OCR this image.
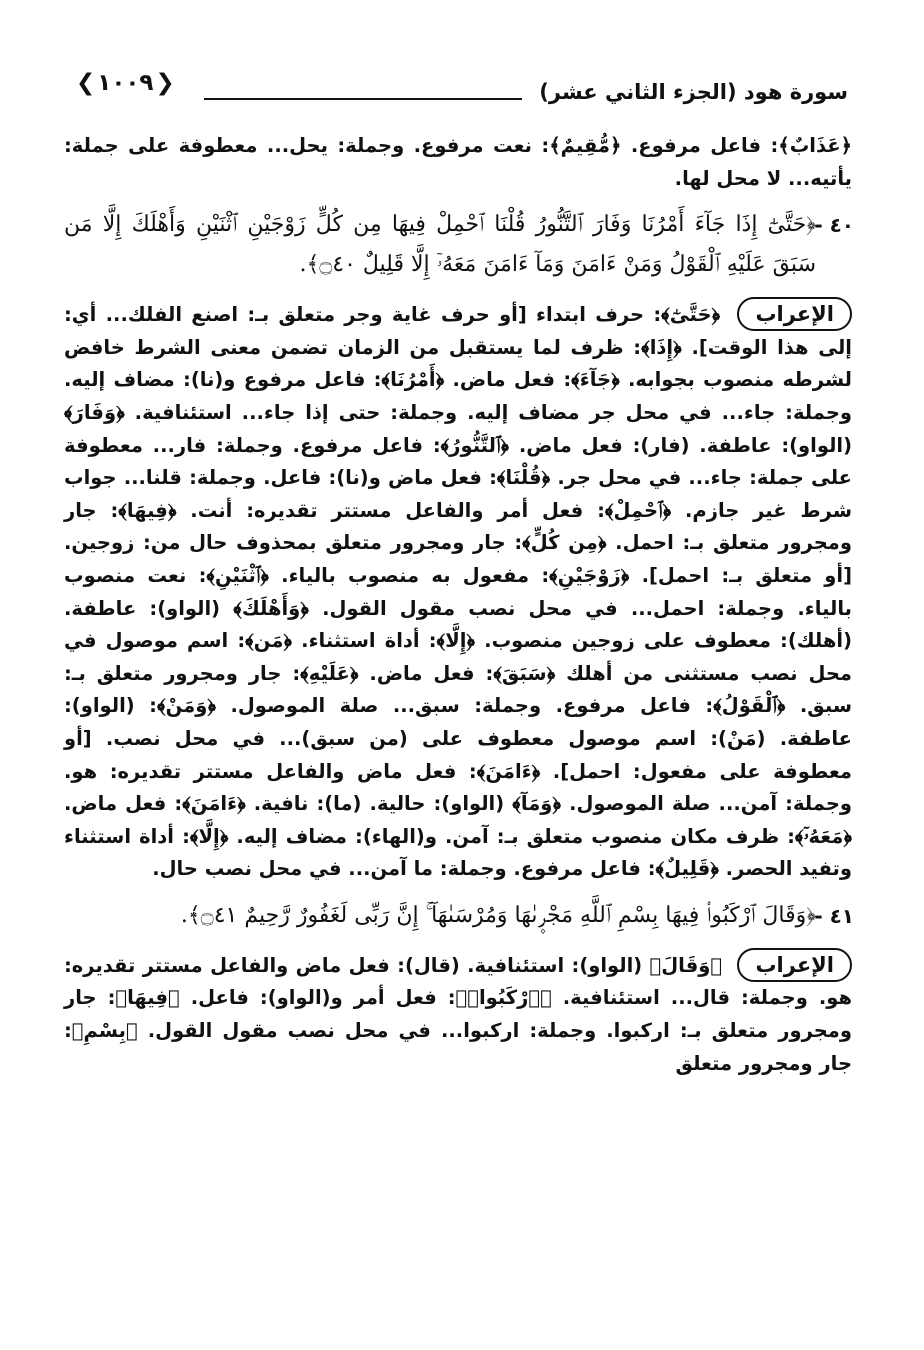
❮ ١٠٠٩ ❯	سورة هود (الجزء الثاني عشر)

﴿عَذَابٌ﴾: فاعل مرفوع. ﴿مُّقِيمٌ﴾: نعت مرفوع. وجملة: يحل... معطوفة على جملة: يأتيه... لا محل لها.

٤٠ -
﴿حَتَّىٰٓ إِذَا جَآءَ أَمْرُنَا وَفَارَ ٱلتَّنُّورُ قُلْنَا ٱحْمِلْ فِيهَا مِن كُلٍّ زَوْجَيْنِ ٱثْنَيْنِ وَأَهْلَكَ إِلَّا مَن سَبَقَ عَلَيْهِ ٱلْقَوْلُ وَمَنْ ءَامَنَ وَمَآ ءَامَنَ مَعَهُۥٓ إِلَّا قَلِيلٌ ۝٤٠﴾.

الإعراب ﴿حَتَّىٰٓ﴾: حرف ابتداء [أو حرف غاية وجر متعلق بـ: اصنع الفلك... أي: إلى هذا الوقت]. ﴿إِذَا﴾: ظرف لما يستقبل من الزمان تضمن معنى الشرط خافض لشرطه منصوب بجوابه. ﴿جَآءَ﴾: فعل ماض. ﴿أَمْرُنَا﴾: فاعل مرفوع و(نا): مضاف إليه. وجملة: جاء... في محل جر مضاف إليه. وجملة: حتى إذا جاء... استئنافية. ﴿وَفَارَ﴾ (الواو): عاطفة. (فار): فعل ماض. ﴿ٱلتَّنُّورُ﴾: فاعل مرفوع. وجملة: فار... معطوفة على جملة: جاء... في محل جر. ﴿قُلْنَا﴾: فعل ماض و(نا): فاعل. وجملة: قلنا... جواب شرط غير جازم. ﴿ٱحْمِلْ﴾: فعل أمر والفاعل مستتر تقديره: أنت. ﴿فِيهَا﴾: جار ومجرور متعلق بـ: احمل. ﴿مِن كُلٍّ﴾: جار ومجرور متعلق بمحذوف حال من: زوجين. [أو متعلق بـ: احمل]. ﴿زَوْجَيْنِ﴾: مفعول به منصوب بالياء. ﴿ٱثْنَيْنِ﴾: نعت منصوب بالياء. وجملة: احمل... في محل نصب مقول القول. ﴿وَأَهْلَكَ﴾ (الواو): عاطفة. (أهلك): معطوف على زوجين منصوب. ﴿إِلَّا﴾: أداة استثناء. ﴿مَن﴾: اسم موصول في محل نصب مستثنى من أهلك ﴿سَبَقَ﴾: فعل ماض. ﴿عَلَيْهِ﴾: جار ومجرور متعلق بـ: سبق. ﴿ٱلْقَوْلُ﴾: فاعل مرفوع. وجملة: سبق... صلة الموصول. ﴿وَمَنْ﴾: (الواو): عاطفة. (مَنْ): اسم موصول معطوف على (من سبق)... في محل نصب. [أو معطوفة على مفعول: احمل]. ﴿ءَامَنَ﴾: فعل ماض والفاعل مستتر تقديره: هو. وجملة: آمن... صلة الموصول. ﴿وَمَآ﴾ (الواو): حالية. (ما): نافية. ﴿ءَامَنَ﴾: فعل ماض. ﴿مَعَهُۥٓ﴾: ظرف مكان منصوب متعلق بـ: آمن. و(الهاء): مضاف إليه. ﴿إِلَّا﴾: أداة استثناء وتفيد الحصر. ﴿قَلِيلٌ﴾: فاعل مرفوع. وجملة: ما آمن... في محل نصب حال.

٤١ -
﴿وَقَالَ ٱرْكَبُوا۟ فِيهَا بِسْمِ ٱللَّهِ مَجْر۪ىٰهَا وَمُرْسَىٰهَآ ۚ إِنَّ رَبِّى لَغَفُورٌ رَّحِيمٌ ۝٤١﴾.

الإعراب ﴿وَقَالَ﴾ (الواو): استئنافية. (قال): فعل ماض والفاعل مستتر تقديره: هو. وجملة: قال... استئنافية. ﴿ٱرْكَبُوا۟﴾: فعل أمر و(الواو): فاعل. ﴿فِيهَا﴾: جار ومجرور متعلق بـ: اركبوا. وجملة: اركبوا... في محل نصب مقول القول. ﴿بِسْمِ﴾: جار ومجرور متعلق
